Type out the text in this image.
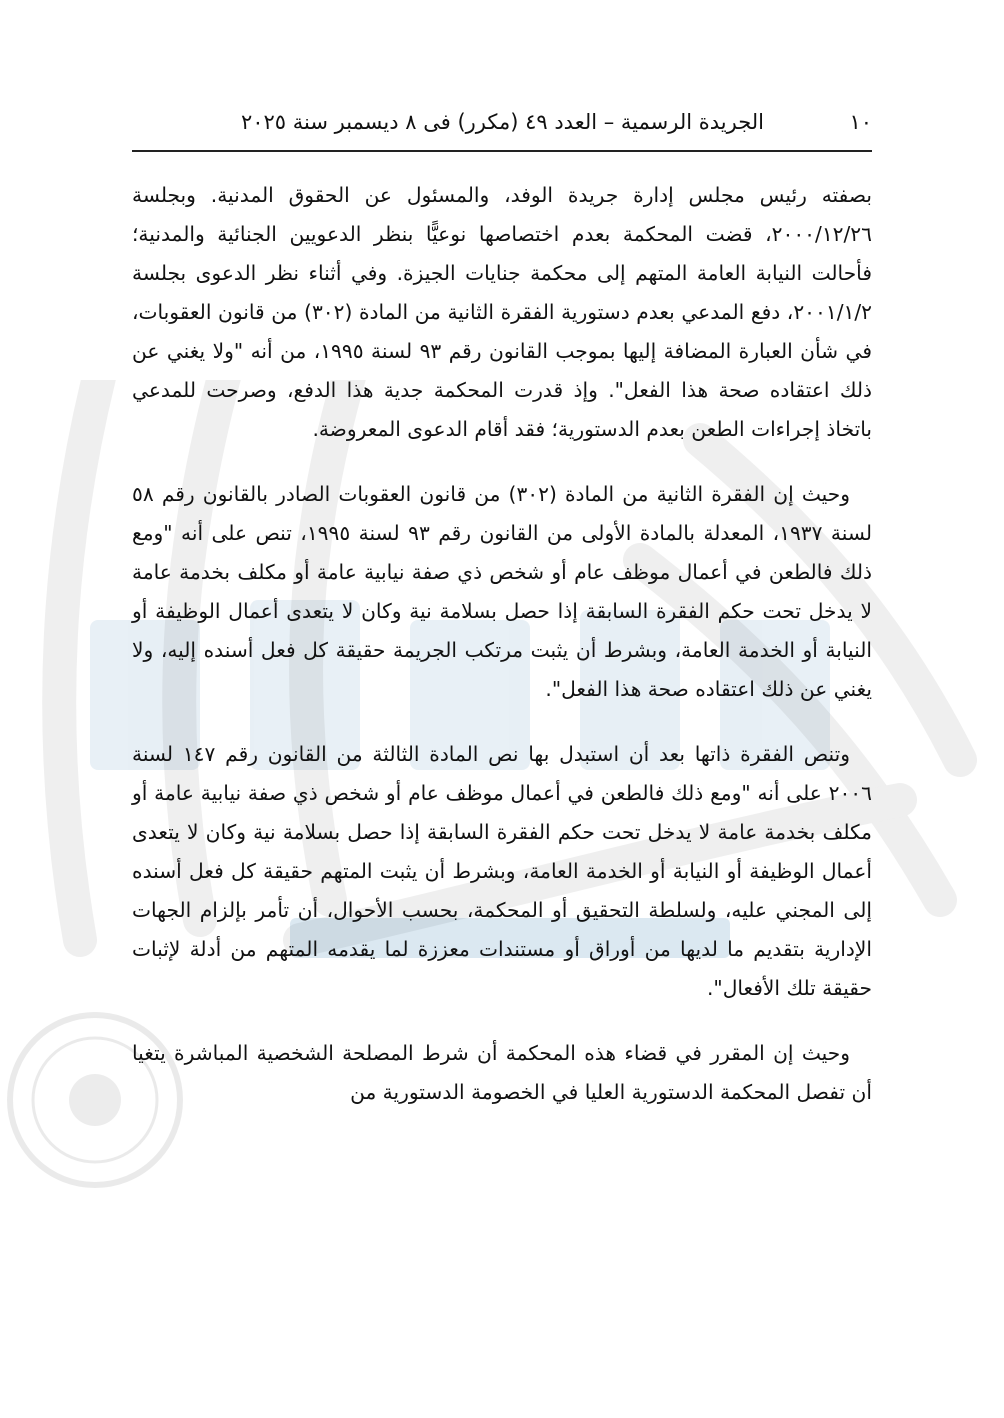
١٠
الجريدة الرسمية – العدد ٤٩ (مكرر) فى ٨ ديسمبر سنة ٢٠٢٥

بصفته رئيس مجلس إدارة جريدة الوفد، والمسئول عن الحقوق المدنية. وبجلسة ٢٠٠٠/١٢/٢٦، قضت المحكمة بعدم اختصاصها نوعيًّا بنظر الدعويين الجنائية والمدنية؛ فأحالت النيابة العامة المتهم إلى محكمة جنايات الجيزة. وفي أثناء نظر الدعوى بجلسة ٢٠٠١/١/٢، دفع المدعي بعدم دستورية الفقرة الثانية من المادة (٣٠٢) من قانون العقوبات، في شأن العبارة المضافة إليها بموجب القانون رقم ٩٣ لسنة ١٩٩٥، من أنه "ولا يغني عن ذلك اعتقاده صحة هذا الفعل". وإذ قدرت المحكمة جدية هذا الدفع، وصرحت للمدعي باتخاذ إجراءات الطعن بعدم الدستورية؛ فقد أقام الدعوى المعروضة.

وحيث إن الفقرة الثانية من المادة (٣٠٢) من قانون العقوبات الصادر بالقانون رقم ٥٨ لسنة ١٩٣٧، المعدلة بالمادة الأولى من القانون رقم ٩٣ لسنة ١٩٩٥، تنص على أنه "ومع ذلك فالطعن في أعمال موظف عام أو شخص ذي صفة نيابية عامة أو مكلف بخدمة عامة لا يدخل تحت حكم الفقرة السابقة إذا حصل بسلامة نية وكان لا يتعدى أعمال الوظيفة أو النيابة أو الخدمة العامة، وبشرط أن يثبت مرتكب الجريمة حقيقة كل فعل أسنده إليه، ولا يغني عن ذلك اعتقاده صحة هذا الفعل".

وتنص الفقرة ذاتها بعد أن استبدل بها نص المادة الثالثة من القانون رقم ١٤٧ لسنة ٢٠٠٦ على أنه "ومع ذلك فالطعن في أعمال موظف عام أو شخص ذي صفة نيابية عامة أو مكلف بخدمة عامة لا يدخل تحت حكم الفقرة السابقة إذا حصل بسلامة نية وكان لا يتعدى أعمال الوظيفة أو النيابة أو الخدمة العامة، وبشرط أن يثبت المتهم حقيقة كل فعل أسنده إلى المجني عليه، ولسلطة التحقيق أو المحكمة، بحسب الأحوال، أن تأمر بإلزام الجهات الإدارية بتقديم ما لديها من أوراق أو مستندات معززة لما يقدمه المتهم من أدلة لإثبات حقيقة تلك الأفعال".

وحيث إن المقرر في قضاء هذه المحكمة أن شرط المصلحة الشخصية المباشرة يتغيا أن تفصل المحكمة الدستورية العليا في الخصومة الدستورية من
